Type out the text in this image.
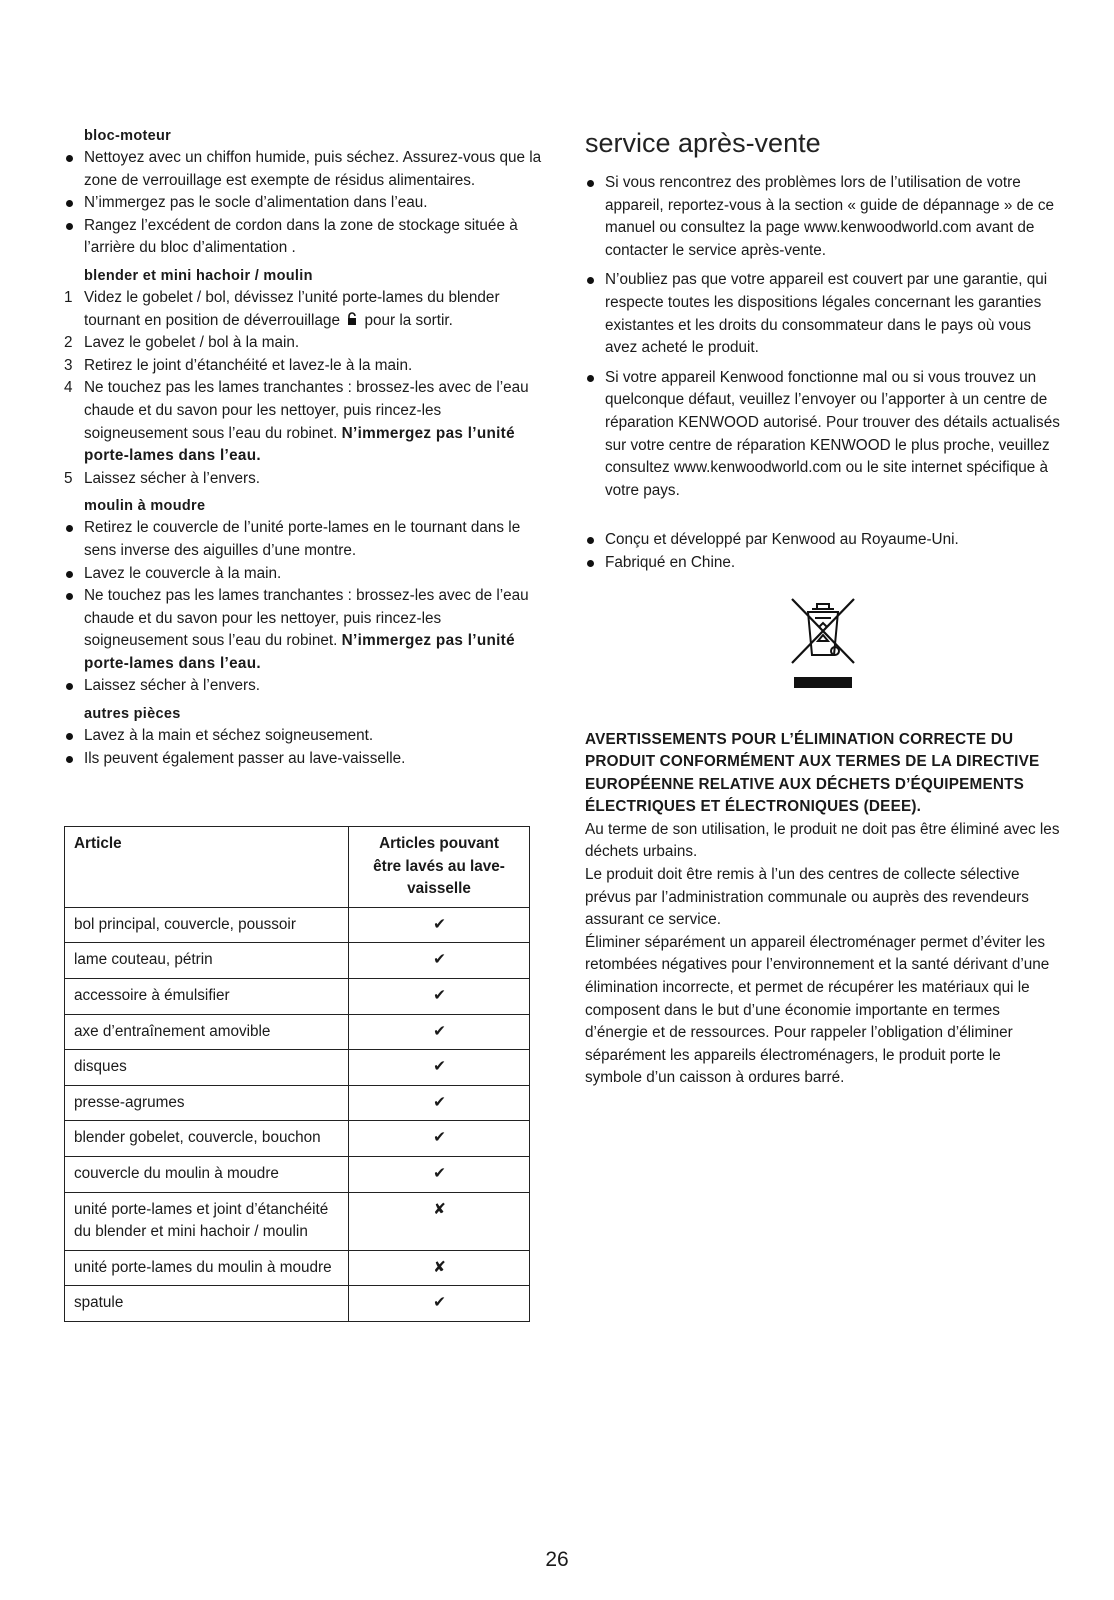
bloc-moteur
Nettoyez avec un chiffon humide, puis séchez. Assurez-vous que la zone de verrouillage est exempte de résidus alimentaires.
N’immergez pas le socle d’alimentation dans l’eau.
Rangez l’excédent de cordon dans la zone de stockage située à l’arrière du bloc d’alimentation .
blender et mini hachoir / moulin
1 Videz le gobelet / bol, dévissez l’unité porte-lames du blender tournant en position de déverrouillage pour la sortir.
2 Lavez le gobelet / bol à la main.
3 Retirez le joint d’étanchéité et lavez-le à la main.
4 Ne touchez pas les lames tranchantes : brossez-les avec de l’eau chaude et du savon pour les nettoyer, puis rincez-les soigneusement sous l’eau du robinet. N’immergez pas l’unité porte-lames dans l’eau.
5 Laissez sécher à l’envers.
moulin à moudre
Retirez le couvercle de l’unité porte-lames en le tournant dans le sens inverse des aiguilles d’une montre.
Lavez le couvercle à la main.
Ne touchez pas les lames tranchantes : brossez-les avec de l’eau chaude et du savon pour les nettoyer, puis rincez-les soigneusement sous l’eau du robinet. N’immergez pas l’unité porte-lames dans l’eau.
Laissez sécher à l’envers.
autres pièces
Lavez à la main et séchez soigneusement.
Ils peuvent également passer au lave-vaisselle.
Article	Articles pouvant être lavés au lave-vaisselle
bol principal, couvercle, poussoir	✔
lame couteau, pétrin	✔
accessoire à émulsifier	✔
axe d’entraînement amovible	✔
disques	✔
presse-agrumes	✔
blender gobelet, couvercle, bouchon	✔
couvercle du moulin à moudre	✔
unité porte-lames et joint d’étanchéité du blender et mini hachoir / moulin	✘
unité porte-lames du moulin à moudre	✘
spatule	✔
service après-vente
Si vous rencontrez des problèmes lors de l’utilisation de votre appareil, reportez-vous à la section « guide de dépannage » de ce manuel ou consultez la page www.kenwoodworld.com avant de contacter le service après-vente.
N’oubliez pas que votre appareil est couvert par une garantie, qui respecte toutes les dispositions légales concernant les garanties existantes et les droits du consommateur dans le pays où vous avez acheté le produit.
Si votre appareil Kenwood fonctionne mal ou si vous trouvez un quelconque défaut, veuillez l’envoyer ou l’apporter à un centre de réparation KENWOOD autorisé. Pour trouver des détails actualisés sur votre centre de réparation KENWOOD le plus proche, veuillez consultez www.kenwoodworld.com ou le site internet spécifique à votre pays.
Conçu et développé par Kenwood au Royaume-Uni.
Fabriqué en Chine.
AVERTISSEMENTS POUR L’ÉLIMINATION CORRECTE DU PRODUIT CONFORMÉMENT AUX TERMES DE LA DIRECTIVE EUROPÉENNE RELATIVE AUX DÉCHETS D’ÉQUIPEMENTS ÉLECTRIQUES ET ÉLECTRONIQUES (DEEE).
Au terme de son utilisation, le produit ne doit pas être éliminé avec les déchets urbains.
Le produit doit être remis à l’un des centres de collecte sélective prévus par l’administration communale ou auprès des revendeurs assurant ce service.
Éliminer séparément un appareil électroménager permet d’éviter les retombées négatives pour l’environnement et la santé dérivant d’une élimination incorrecte, et permet de récupérer les matériaux qui le composent dans le but d’une économie importante en termes d’énergie et de ressources. Pour rappeler l’obligation d’éliminer séparément les appareils électroménagers, le produit porte le symbole d’un caisson à ordures barré.
26
